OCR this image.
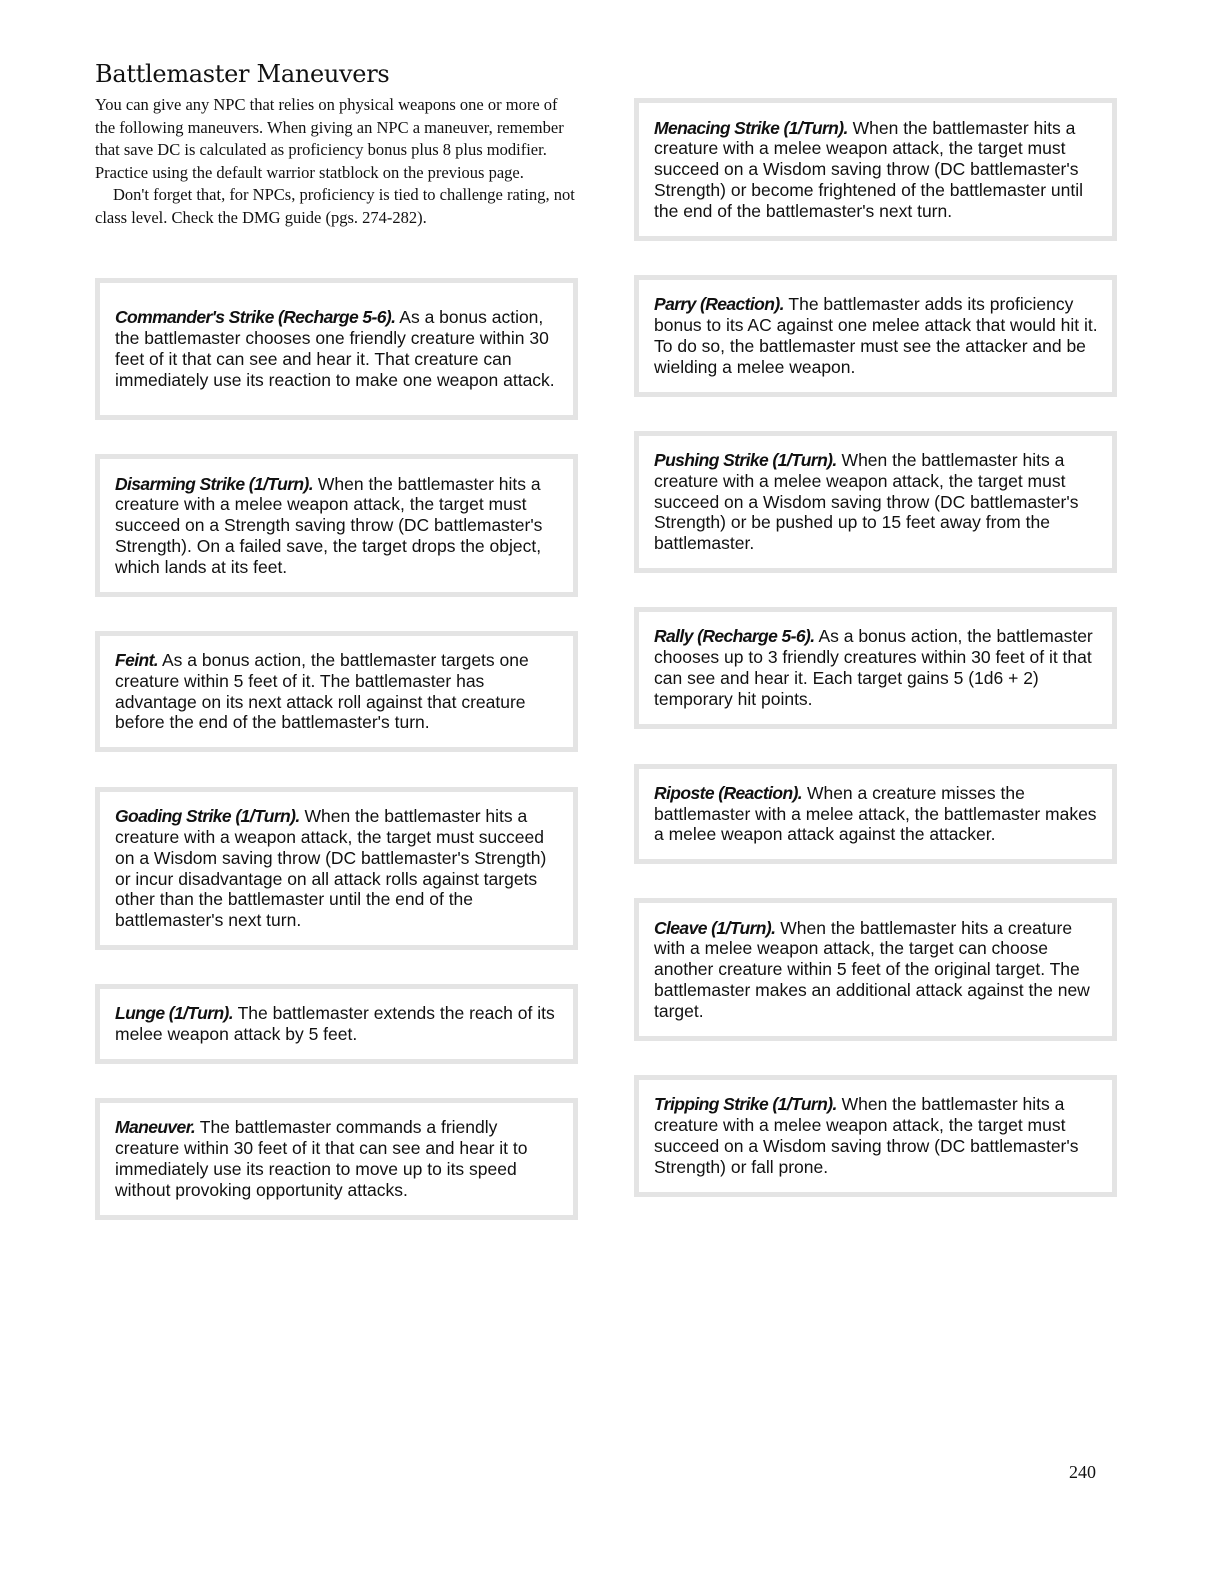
Battlemaster Maneuvers

You can give any NPC that relies on physical weapons one or more of the following maneuvers. When giving an NPC a maneuver, remember that save DC is calculated as proficiency bonus plus 8 plus modifier. Practice using the default warrior statblock on the previous page.

Don't forget that, for NPCs, proficiency is tied to challenge rating, not class level. Check the DMG guide (pgs. 274-282).

Commander's Strike (Recharge 5-6). As a bonus action, the battlemaster chooses one friendly creature within 30 feet of it that can see and hear it. That creature can immediately use its reaction to make one weapon attack.
Disarming Strike (1/Turn). When the battlemaster hits a creature with a melee weapon attack, the target must succeed on a Strength saving throw (DC battlemaster's Strength). On a failed save, the target drops the object, which lands at its feet.
Feint. As a bonus action, the battlemaster targets one creature within 5 feet of it. The battlemaster has advantage on its next attack roll against that creature before the end of the battlemaster's turn.
Goading Strike (1/Turn). When the battlemaster hits a creature with a weapon attack, the target must succeed on a Wisdom saving throw (DC battlemaster's Strength) or incur disadvantage on all attack rolls against targets other than the battlemaster until the end of the battlemaster's next turn.
Lunge (1/Turn). The battlemaster extends the reach of its melee weapon attack by 5 feet.
Maneuver. The battlemaster commands a friendly creature within 30 feet of it that can see and hear it to immediately use its reaction to move up to its speed without provoking opportunity attacks.
Menacing Strike (1/Turn). When the battlemaster hits a creature with a melee weapon attack, the target must succeed on a Wisdom saving throw (DC battlemaster's Strength) or become frightened of the battlemaster until the end of the battlemaster's next turn.
Parry (Reaction). The battlemaster adds its proficiency bonus to its AC against one melee attack that would hit it. To do so, the battlemaster must see the attacker and be wielding a melee weapon.
Pushing Strike (1/Turn). When the battlemaster hits a creature with a melee weapon attack, the target must succeed on a Wisdom saving throw (DC battlemaster's Strength) or be pushed up to 15 feet away from the battlemaster.
Rally (Recharge 5-6). As a bonus action, the battlemaster chooses up to 3 friendly creatures within 30 feet of it that can see and hear it. Each target gains 5 (1d6 + 2) temporary hit points.
Riposte (Reaction). When a creature misses the battlemaster with a melee attack, the battlemaster makes a melee weapon attack against the attacker.
Cleave (1/Turn). When the battlemaster hits a creature with a melee weapon attack, the target can choose another creature within 5 feet of the original target. The battlemaster makes an additional attack against the new target.
Tripping Strike (1/Turn). When the battlemaster hits a creature with a melee weapon attack, the target must succeed on a Wisdom saving throw (DC battlemaster's Strength) or fall prone.
240
